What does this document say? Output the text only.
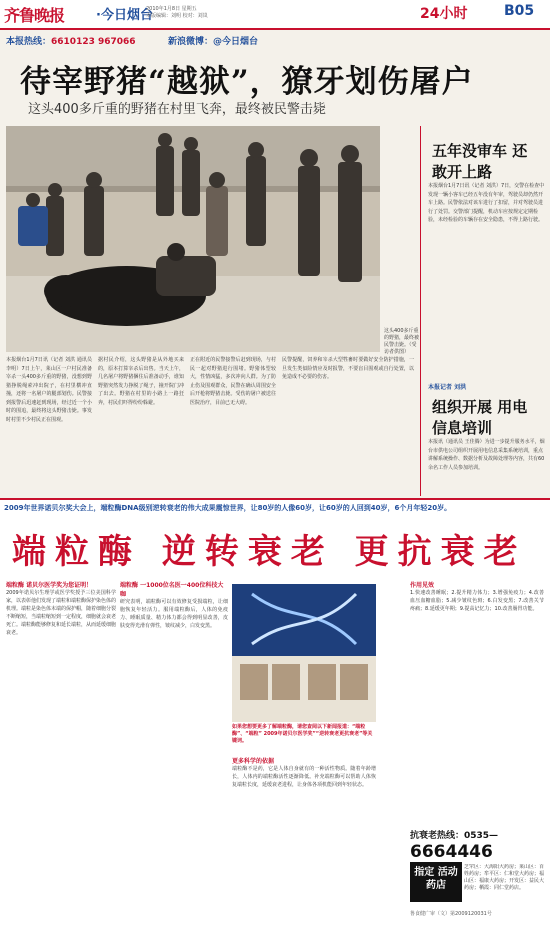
齐鲁晚报 ·今日烟台
2010年1月8日 星期五
本版编辑：刘明 校对：刘岚	24小时	B05
本报热线：6610123 967066	新浪微博：@今日烟台
待宰野猪“越狱”，獠牙划伤屠户
这头400多斤重的野猪在村里飞奔，最终被民警击毙
这头400多斤重的野猪，最终被民警击毙。（受访者供图）
本报烟台1月7日讯（记者 刘洪 通讯员 李明）7日上午，莱山区一户村民准备宰杀一头400多斤重的野猪，没想到野猪挣脱绳索冲出院子，在村里横冲直撞，还将一名屠户的腿部划伤。民警接到报警后迅速赶到现场，经过近一个小时的围追，最终将这头野猪击毙。事发时村里不少村民正在围观。
据村民介绍，这头野猪是从外地买来的，原本打算宰杀后出售。当天上午，几名屠户将野猪捆住后准备动手，谁知野猪突然发力挣脱了绳子，撞开院门冲了出去。野猪在村里的小路上一路狂奔，村民们吓得纷纷躲避。
正在附近的民警接警后赶到现场，与村民一起对野猪进行围堵。野猪体型较大，性情凶猛，多次冲向人群。为了防止伤及围观群众，民警在确认周围安全后开枪将野猪击毙。受伤的屠户被送往医院治疗，目前已无大碍。
民警提醒，饲养和宰杀大型牲畜时要做好安全防护措施，一旦发生类似险情应及时报警，不要盲目围观或自行处置，以免造成不必要的伤害。
五年没审车 还敢开上路
本报烟台1月7日讯（记者 刘洪）7日，交警在检查中发现一辆小客车已经五年没有年审，驾驶员却仍然开车上路。民警依法对该车进行了扣留，并对驾驶员进行了处罚。交警部门提醒，机动车应按规定定期检验，未经检验的车辆存在安全隐患，不得上路行驶。
本报记者 刘洪
组织开展 用电信息培训
本报讯（通讯员 王佳腾）为进一步提升服务水平，烟台市供电公司组织开展用电信息采集系统培训，重点讲解系统操作、数据分析及故障处理等内容，共有60余名工作人员参加培训。
2009年世界诺贝尔奖大会上，端粒酶DNA级别逆转衰老的伟大成果震惊世界，让80岁的人像60岁，让60岁的人回到40岁，6个月年轻20岁。
端粒酶 逆转衰老 更抗衰老
端粒酶 诺贝尔医学奖为您证明！
2009年诺贝尔生理学或医学奖授予三位美国科学家，以表彰他们发现了端粒和端粒酶保护染色体的机理。端粒是染色体末端的保护帽，随着细胞分裂不断缩短，当端粒缩短到一定程度，细胞就会衰老死亡。端粒酶能够修复和延长端粒，从而延缓细胞衰老。
端粒酶 一1000位名医一400位科技大咖
研究表明，端粒酶可以有效修复受损端粒，让细胞恢复年轻活力。服用端粒酶后，人体的免疫力、睡眠质量、精力体力都会得到明显改善，皮肤变得光滑有弹性，皱纹减少，白发变黑。
如果您想要更多了解端粒酶，请您查阅以下新闻报道：“端粒酶”、“端粒” 2009年诺贝尔医学奖”“逆转衰老更抗衰老”等关键词。
更多科学的依据
端粒酶不是药，它是人体自身就有的一种活性物质。随着年龄增长，人体内的端粒酶活性逐渐降低。补充端粒酶可以帮助人体恢复端粒长度，延缓衰老进程，让身体各项机能回到年轻状态。
作用见效
1.快速改善睡眠；2.提升精力体力；3.增强免疫力；4.改善血压血糖血脂；5.减少皱纹色斑；6.白发变黑；7.改善关节疼痛；8.延缓更年期；9.提高记忆力；10.改善肠胃功能。
抗衰老热线：0535—
6664446
指定 活动 药店
芝罘区：大海阳大药房；莱山区：百姓药房；牟平区：仁和堂大药房；福山区：福康大药房；开发区：益民大药房；栖霞：同仁堂药店。
鲁食健广审（文）第2009120031号
